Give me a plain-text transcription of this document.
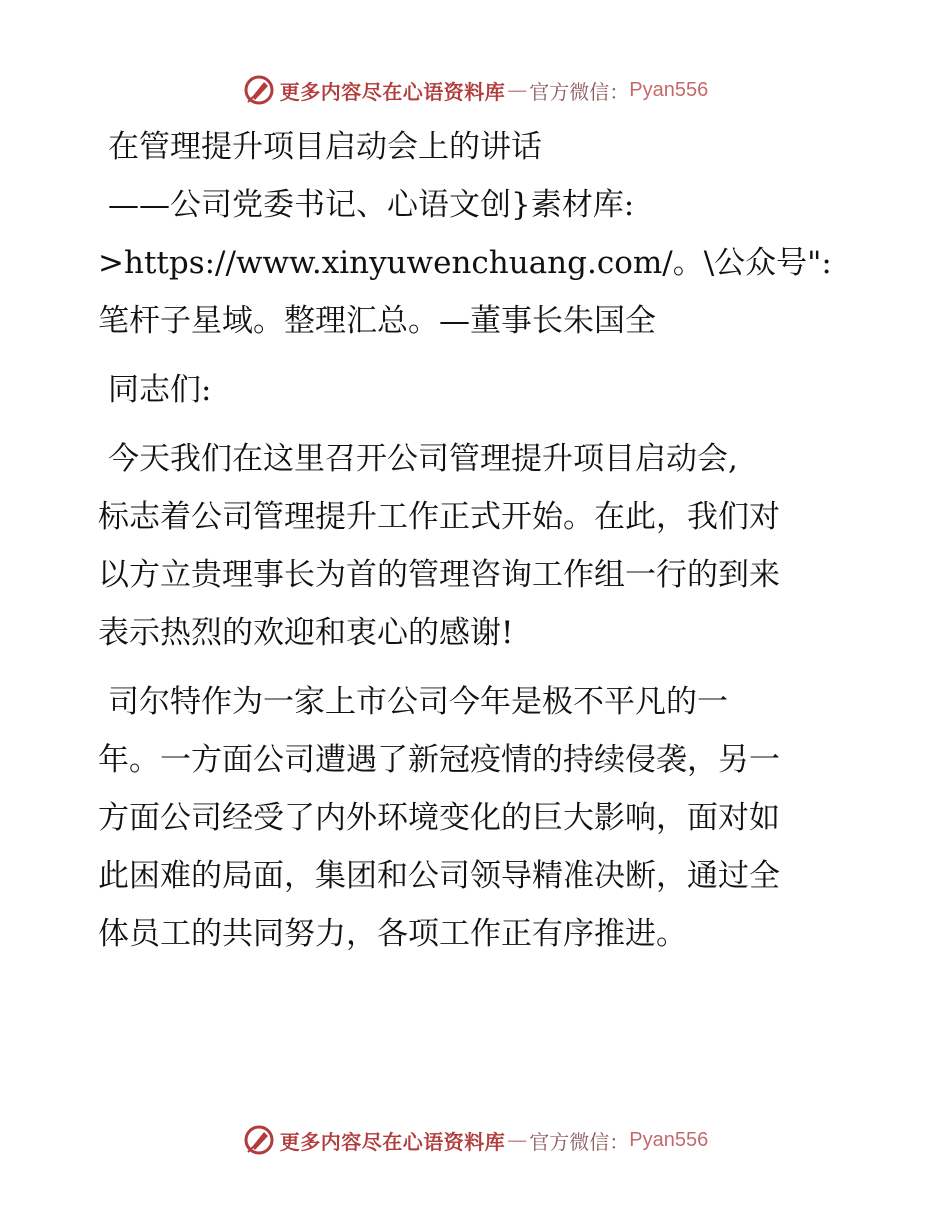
更多内容尽在心语资料库 — 官方微信： Pyan556
在管理提升项目启动会上的讲话
——公司党委书记、心语文创}素材库:
>https://www.xinyuwenchuang.com/。\公众号":
笔杆子星域。整理汇总。—董事长朱国全

同志们:

今天我们在这里召开公司管理提升项目启动会,
标志着公司管理提升工作正式开始。在此，我们对
以方立贵理事长为首的管理咨询工作组一行的到来
表示热烈的欢迎和衷心的感谢!

司尔特作为一家上市公司今年是极不平凡的一
年。一方面公司遭遇了新冠疫情的持续侵袭，另一
方面公司经受了内外环境变化的巨大影响，面对如
此困难的局面，集团和公司领导精准决断，通过全
体员工的共同努力，各项工作正有序推进。

更多内容尽在心语资料库 — 官方微信： Pyan556
